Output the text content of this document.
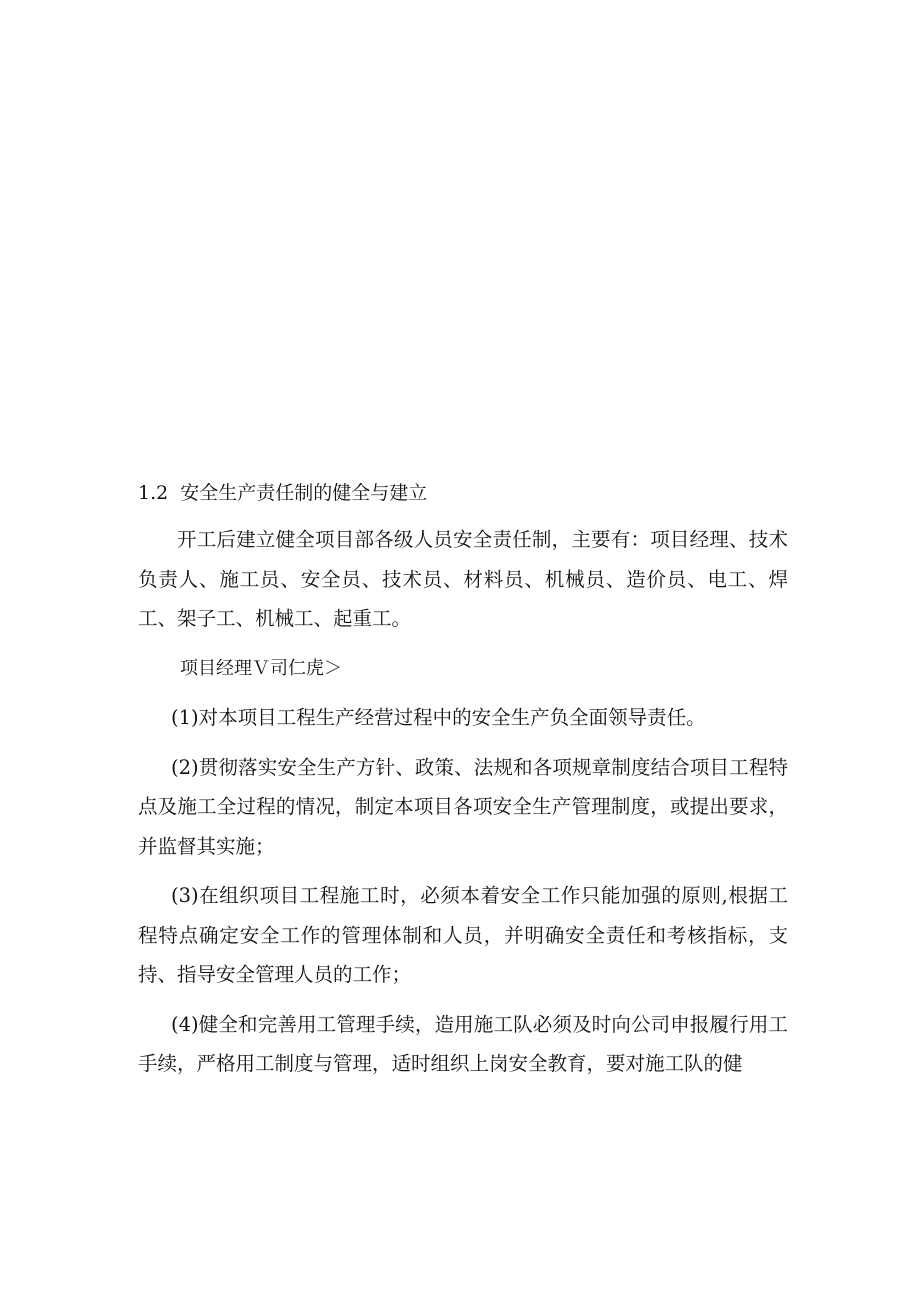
1.2 安全生产责任制的健全与建立

开工后建立健全项目部各级人员安全责任制，主要有：项目经理、技术负责人、施工员、安全员、技术员、材料员、机械员、造价员、电工、焊工、架子工、机械工、起重工。

项目经理Ｖ司仁虎＞

(1)对本项目工程生产经营过程中的安全生产负全面领导责任。

(2)贯彻落实安全生产方针、政策、法规和各项规章制度结合项目工程特点及施工全过程的情况，制定本项目各项安全生产管理制度，或提出要求，并监督其实施；

(3)在组织项目工程施工时，必须本着安全工作只能加强的原则,根据工程特点确定安全工作的管理体制和人员，并明确安全责任和考核指标，支持、指导安全管理人员的工作；

(4)健全和完善用工管理手续，造用施工队必须及时向公司申报履行用工手续，严格用工制度与管理，适时组织上岗安全教育，要对施工队的健
